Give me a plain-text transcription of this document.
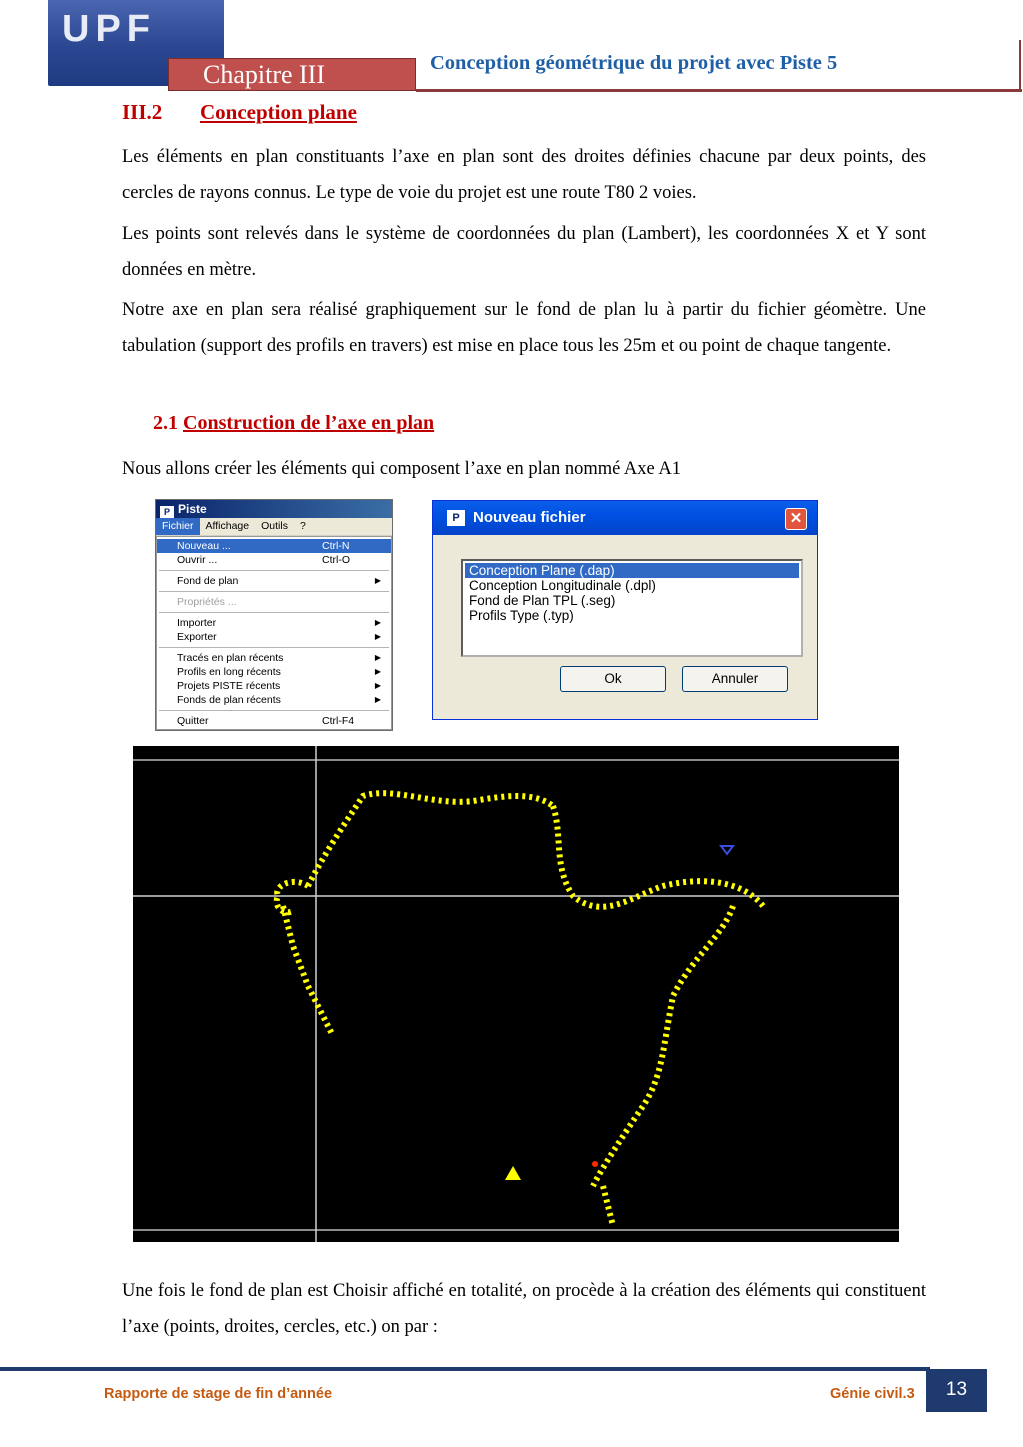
UPF
Chapitre III	Conception géométrique du projet avec Piste 5
III.2 Conception plane

Les éléments en plan constituants l’axe en plan sont des droites définies chacune par deux points, des cercles de rayons connus. Le type de voie du projet est une route T80 2 voies.

Les points sont relevés dans le système de coordonnées du plan (Lambert), les coordonnées X et Y sont données en mètre.

Notre axe en plan sera réalisé graphiquement sur le fond de plan lu à partir du fichier géomètre. Une tabulation (support des profils en travers) est mise en place tous les 25m et ou point de chaque tangente.

2.1 Construction de l’axe en plan

Nous allons créer les éléments qui composent l’axe en plan nommé Axe A1

P Piste
Fichier	Affichage	Outils	?
Nouveau ...	Ctrl-N
Ouvrir ...	Ctrl-O
Fond de plan	▶
Propriétés ...
Importer	▶
Exporter	▶
Tracés en plan récents	▶
Profils en long récents	▶
Projets PISTE récents	▶
Fonds de plan récents	▶
Quitter	Ctrl-F4
P Nouveau fichier	✕
Conception Plane (.dap)
Conception Longitudinale (.dpl)
Fond de Plan TPL (.seg)
Profils Type (.typ)
Ok	Annuler

Une fois le fond de plan est Choisir affiché en totalité, on procède à la création des éléments qui constituent l’axe (points, droites, cercles, etc.) on par :

Rapporte de stage de fin d’année	Génie civil.3	13
